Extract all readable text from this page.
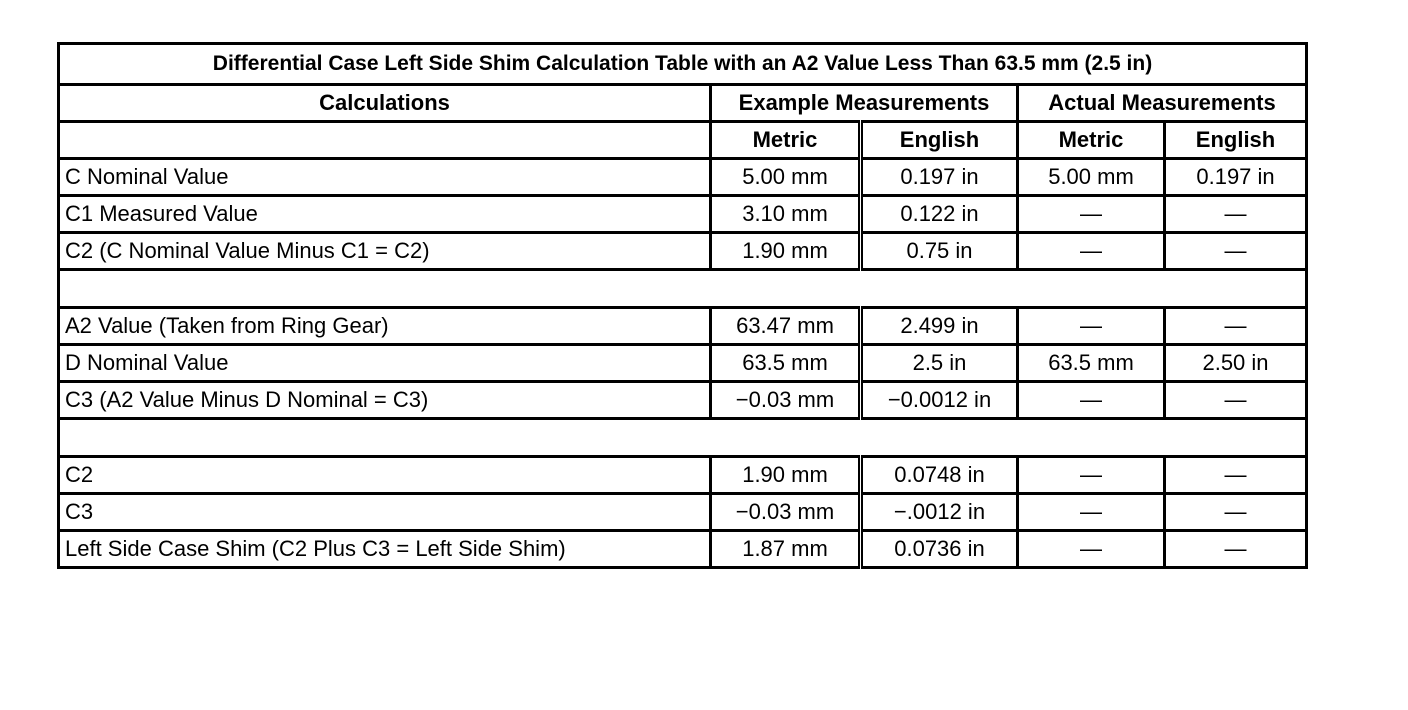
Differential Case Left Side Shim Calculation Table with an A2 Value Less Than 63.5 mm (2.5 in)				
Calculations	Example Measurements		Actual Measurements	
	Metric	English	Metric	English
C Nominal Value	5.00 mm	0.197 in	5.00 mm	0.197 in
C1 Measured Value	3.10 mm	0.122 in	—	—
C2 (C Nominal Value Minus C1 = C2)	1.90 mm	0.75 in	—	—

A2 Value (Taken from Ring Gear)	63.47 mm	2.499 in	—	—
D Nominal Value	63.5 mm	2.5 in	63.5 mm	2.50 in
C3 (A2 Value Minus D Nominal = C3)	−0.03 mm	−0.0012 in	—	—

C2	1.90 mm	0.0748 in	—	—
C3	−0.03 mm	−.0012 in	—	—
Left Side Case Shim (C2 Plus C3 = Left Side Shim)	1.87 mm	0.0736 in	—	—
